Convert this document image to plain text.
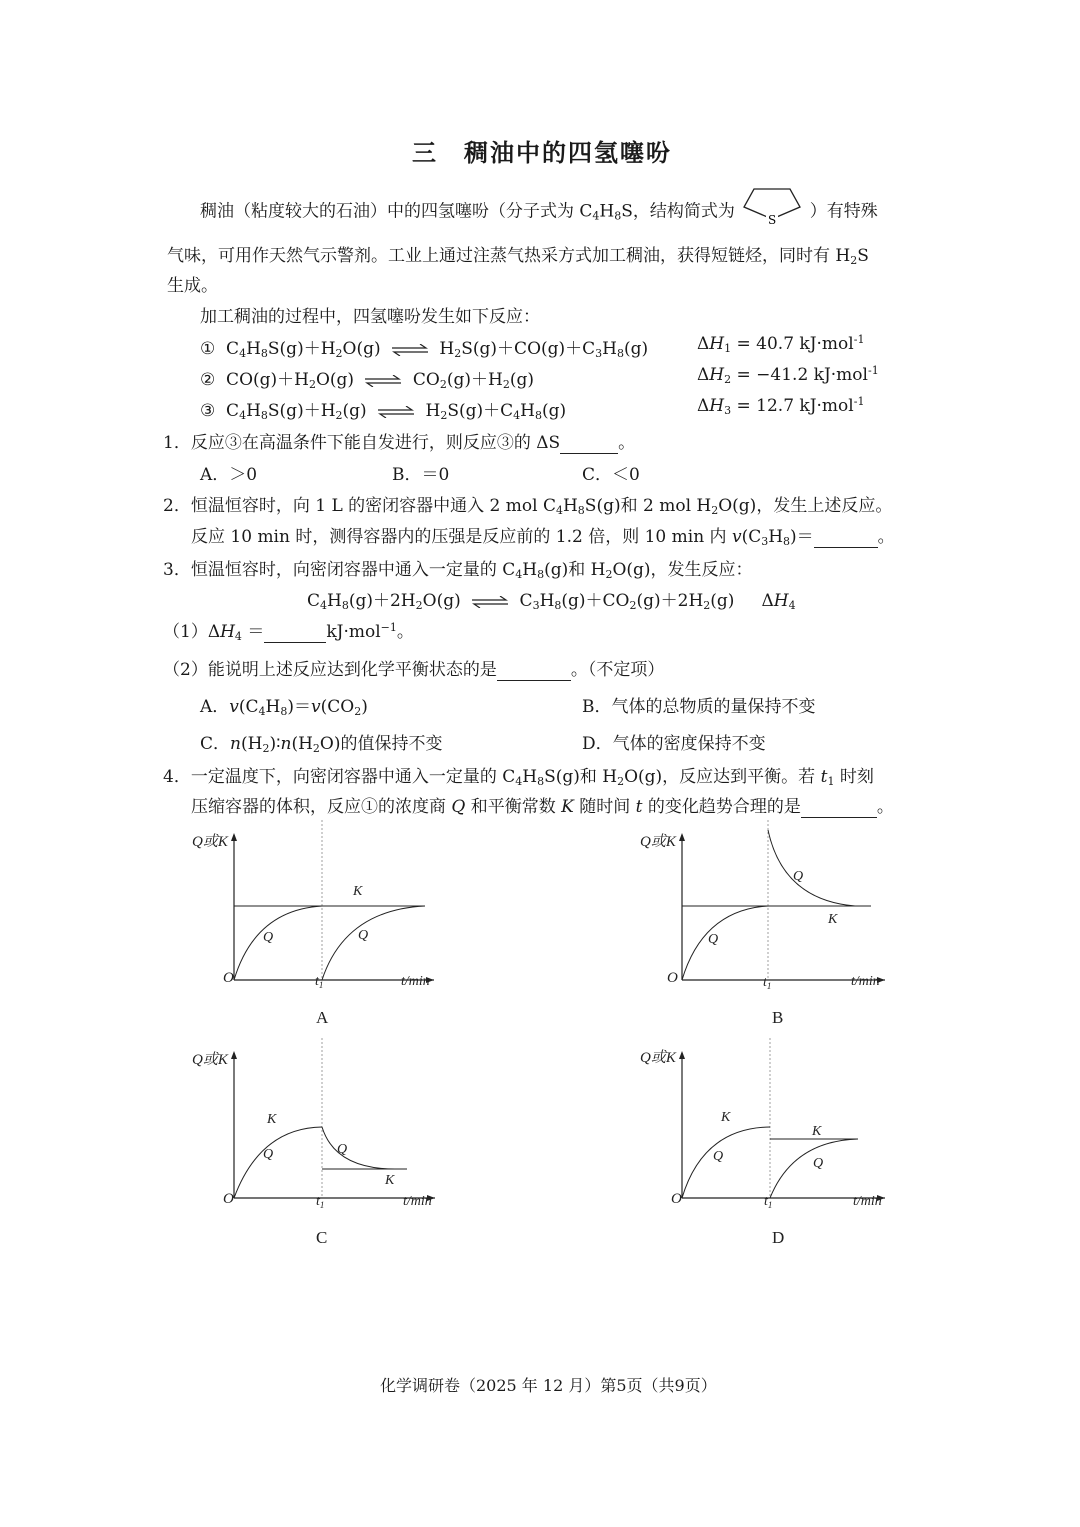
三　稠油中的四氢噻吩
稠油（粘度较大的石油）中的四氢噻吩（分子式为 $C_4H_8S$，结构简式为	S ）有特殊
气味，可用作天然气示警剂。工业上通过注蒸气热采方式加工稠油，获得短链烃，同时有 $H_2S$
生成。
加工稠油的过程中，四氢噻吩发生如下反应：
①  $C_4H_8S(g)+H_2O(g)$ ⇌ $H_2S(g)+CO(g)+C_3H_8(g)$	$\Delta H_1 = 40.7$ kJ·mol$^{-1}$
②  $CO(g)+H_2O(g)$ ⇌ $CO_2(g)+H_2(g)$	$\Delta H_2 = -41.2$ kJ·mol$^{-1}$
③  $C_4H_8S(g)+H_2(g)$ ⇌ $H_2S(g)+C_4H_8(g)$	$\Delta H_3 = 12.7$ kJ·mol$^{-1}$
1．反应③在高温条件下能自发进行，则反应③的 ΔS	。
A．＞0	B．＝0	C．＜0
2．恒温恒容时，向 1 L 的密闭容器中通入 2 mol $C_4H_8S(g)$和 2 mol $H_2O(g)$，发生上述反应。
反应 10 min 时，测得容器内的压强是反应前的 1.2 倍，则 10 min 内 $v(C_3H_8)=$	。
3．恒温恒容时，向密闭容器中通入一定量的 $C_4H_8(g)$和 $H_2O(g)$，发生反应：
$C_4H_8(g)+2H_2O(g)$ ⇌ $C_3H_8(g)+CO_2(g)+2H_2(g)$     $\Delta H_4$
$(1)\Delta H_4$ ＝	kJ·mol$^{-1}$。
（2）能说明上述反应达到化学平衡状态的是	。（不定项）
A．$v(C_4H_8)=v(CO_2)$	B．气体的总物质的量保持不变
C．$n(H_2)∶n(H_2O)$的值保持不变	D．气体的密度保持不变
4．一定温度下，向密闭容器中通入一定量的 $C_4H_8S(g)$和 $H_2O(g)$，反应达到平衡。若 $t_1$ 时刻
压缩容器的体积，反应①的浓度商 Q 和平衡常数 K 随时间 t 的变化趋势合理的是	。
Q或K
O	t/min
$t_1$
K
Q	Q
A
Q或K
O	t/min
$t_1$
Q
K
Q
B
Q或K
O	t/min
$t_1$
K
Q	Q
K
C
Q或K
O	t/min
$t_1$
K
Q
K
Q
D
化学调研卷（2025 年 12 月）第5页（共9页）
